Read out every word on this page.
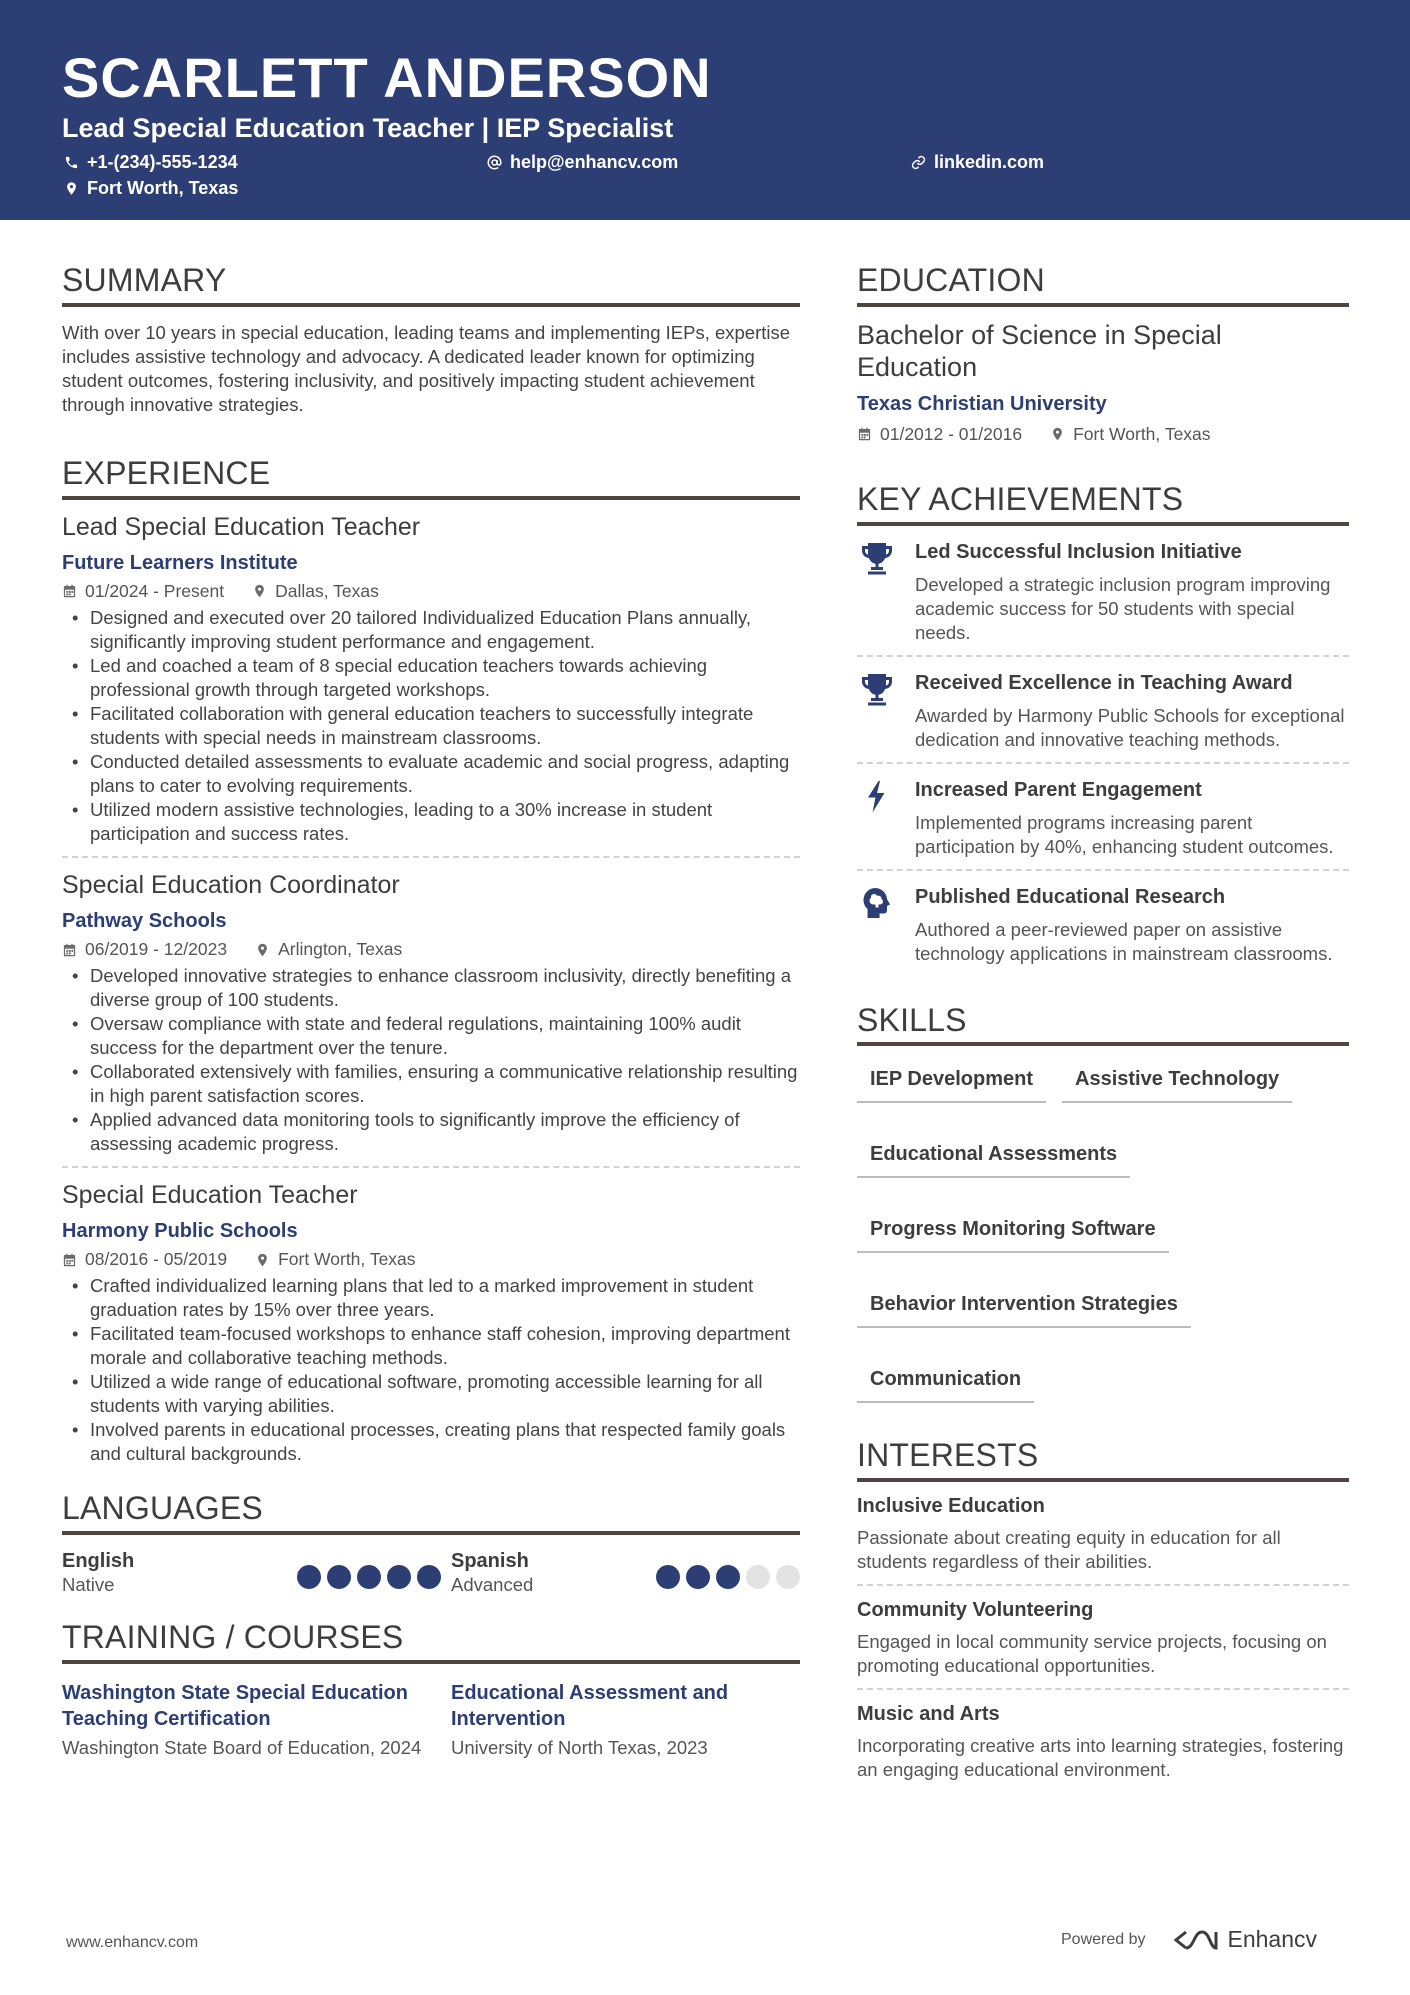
SCARLETT ANDERSON
Lead Special Education Teacher | IEP Specialist
+1-(234)-555-1234	help@enhancv.com	linkedin.com
Fort Worth, Texas
SUMMARY

With over 10 years in special education, leading teams and implementing IEPs, expertise includes assistive technology and advocacy. A dedicated leader known for optimizing student outcomes, fostering inclusivity, and positively impacting student achievement through innovative strategies.

EXPERIENCE
Lead Special Education Teacher
Future Learners Institute
01/2024 - Present	Dallas, Texas
• Designed and executed over 20 tailored Individualized Education Plans annually, significantly improving student performance and engagement.
• Led and coached a team of 8 special education teachers towards achieving professional growth through targeted workshops.
• Facilitated collaboration with general education teachers to successfully integrate students with special needs in mainstream classrooms.
• Conducted detailed assessments to evaluate academic and social progress, adapting plans to cater to evolving requirements.
• Utilized modern assistive technologies, leading to a 30% increase in student participation and success rates.
Special Education Coordinator
Pathway Schools
06/2019 - 12/2023	Arlington, Texas
• Developed innovative strategies to enhance classroom inclusivity, directly benefiting a diverse group of 100 students.
• Oversaw compliance with state and federal regulations, maintaining 100% audit success for the department over the tenure.
• Collaborated extensively with families, ensuring a communicative relationship resulting in high parent satisfaction scores.
• Applied advanced data monitoring tools to significantly improve the efficiency of assessing academic progress.
Special Education Teacher
Harmony Public Schools
08/2016 - 05/2019	Fort Worth, Texas
• Crafted individualized learning plans that led to a marked improvement in student graduation rates by 15% over three years.
• Facilitated team-focused workshops to enhance staff cohesion, improving department morale and collaborative teaching methods.
• Utilized a wide range of educational software, promoting accessible learning for all students with varying abilities.
• Involved parents in educational processes, creating plans that respected family goals and cultural backgrounds.
LANGUAGES
English
Native
Spanish
Advanced
TRAINING / COURSES
Washington State Special Education Teaching Certification
Washington State Board of Education, 2024
Educational Assessment and Intervention
University of North Texas, 2023
EDUCATION
Bachelor of Science in Special Education
Texas Christian University
01/2012 - 01/2016	Fort Worth, Texas
KEY ACHIEVEMENTS
Led Successful Inclusion Initiative
Developed a strategic inclusion program improving academic success for 50 students with special needs.
Received Excellence in Teaching Award
Awarded by Harmony Public Schools for exceptional dedication and innovative teaching methods.
Increased Parent Engagement
Implemented programs increasing parent participation by 40%, enhancing student outcomes.
Published Educational Research
Authored a peer-reviewed paper on assistive technology applications in mainstream classrooms.
SKILLS
IEP Development	Assistive Technology
Educational Assessments
Progress Monitoring Software
Behavior Intervention Strategies
Communication
INTERESTS
Inclusive Education
Passionate about creating equity in education for all students regardless of their abilities.
Community Volunteering
Engaged in local community service projects, focusing on promoting educational opportunities.
Music and Arts
Incorporating creative arts into learning strategies, fostering an engaging educational environment.
www.enhancv.com	Powered by	Enhancv
